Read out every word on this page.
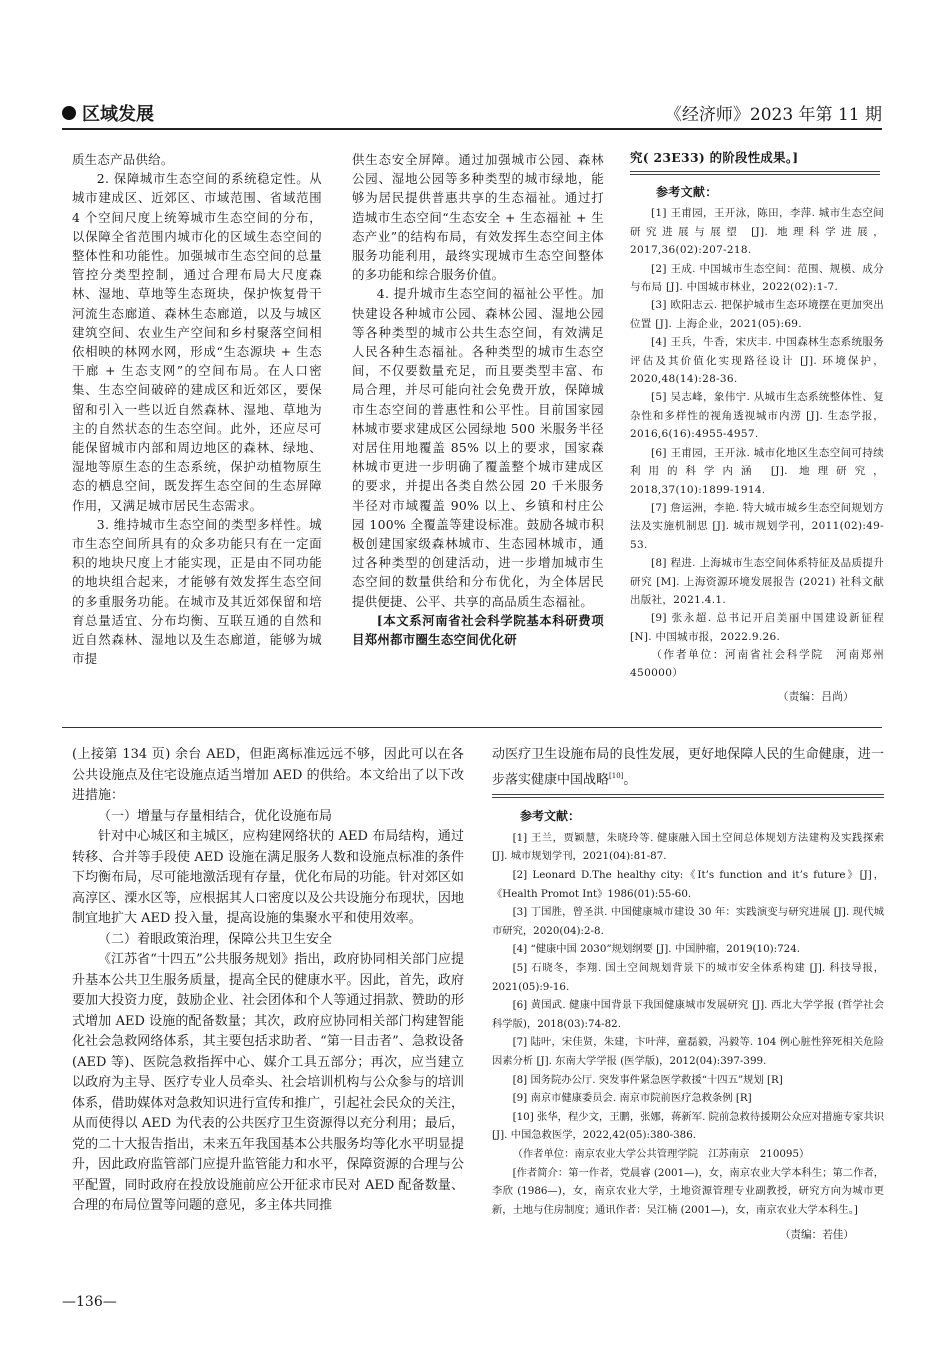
区域发展	《经济师》2023 年第 11 期

质生态产品供给。

2. 保障城市生态空间的系统稳定性。从城市建成区、近郊区、市域范围、省域范围 4 个空间尺度上统筹城市生态空间的分布，以保障全省范围内城市化的区域生态空间的整体性和功能性。加强城市生态空间的总量管控分类型控制，通过合理布局大尺度森林、湿地、草地等生态斑块，保护恢复骨干河流生态廊道、森林生态廊道，以及与城区建筑空间、农业生产空间和乡村聚落空间相依相映的林网水网，形成“生态源块 + 生态干廊 + 生态支网”的空间布局。在人口密集、生态空间破碎的建成区和近郊区，要保留和引入一些以近自然森林、湿地、草地为主的自然状态的生态空间。此外，还应尽可能保留城市内部和周边地区的森林、绿地、湿地等原生态的生态系统，保护动植物原生态的栖息空间，既发挥生态空间的生态屏障作用，又满足城市居民生态需求。

3. 维持城市生态空间的类型多样性。城市生态空间所具有的众多功能只有在一定面积的地块尺度上才能实现，正是由不同功能的地块组合起来，才能够有效发挥生态空间的多重服务功能。在城市及其近郊保留和培育总量适宜、分布均衡、互联互通的自然和近自然森林、湿地以及生态廊道，能够为城市提

供生态安全屏障。通过加强城市公园、森林公园、湿地公园等多种类型的城市绿地，能够为居民提供普惠共享的生态福祉。通过打造城市生态空间“生态安全 + 生态福祉 + 生态产业”的结构布局，有效发挥生态空间主体服务功能利用，最终实现城市生态空间整体的多功能和综合服务价值。

4. 提升城市生态空间的福祉公平性。加快建设各种城市公园、森林公园、湿地公园等各种类型的城市公共生态空间，有效满足人民各种生态福祉。各种类型的城市生态空间，不仅要数量充足，而且要类型丰富、布局合理，并尽可能向社会免费开放，保障城市生态空间的普惠性和公平性。目前国家园林城市要求建成区公园绿地 500 米服务半径对居住用地覆盖 85% 以上的要求，国家森林城市更进一步明确了覆盖整个城市建成区的要求，并提出各类自然公园 20 千米服务半径对市域覆盖 90% 以上、乡镇和村庄公园 100% 全覆盖等建设标准。鼓励各城市积极创建国家级森林城市、生态园林城市，通过各种类型的创建活动，进一步增加城市生态空间的数量供给和分布优化，为全体居民提供便捷、公平、共享的高品质生态福祉。

[本文系河南省社会科学院基本科研费项目郑州都市圈生态空间优化研

究( 23E33) 的阶段性成果。]

参考文献：

[1] 王甫园，王开泳，陈田，李萍. 城市生态空间研究进展与展望 [J]. 地理科学进展，2017,36(02):207-218.

[2] 王成. 中国城市生态空间：范围、规模、成分与布局 [J]. 中国城市林业，2022(02):1-7.

[3] 欧阳志云. 把保护城市生态环境摆在更加突出位置 [J]. 上海企业，2021(05):69.

[4] 王兵，牛香，宋庆丰. 中国森林生态系统服务评估及其价值化实现路径设计 [J]. 环境保护，2020,48(14):28-36.

[5] 吴志峰，象伟宁. 从城市生态系统整体性、复杂性和多样性的视角透视城市内涝 [J]. 生态学报，2016,6(16):4955-4957.

[6] 王甫园，王开泳. 城市化地区生态空间可持续利用的科学内涵 [J]. 地理研究，2018,37(10):1899-1914.

[7] 詹运洲，李艳. 特大城市城乡生态空间规划方法及实施机制思 [J]. 城市规划学刊，2011(02):49-53.

[8] 程进. 上海城市生态空间体系特征及品质提升研究 [M]. 上海资源环境发展报告 (2021) 社科文献出版社，2021.4.1.

[9] 张永超. 总书记开启美丽中国建设新征程 [N]. 中国城市报，2022.9.26.

（作者单位：河南省社会科学院　河南郑州　450000）

（责编：吕尚）

(上接第 134 页) 余台 AED，但距离标准远远不够，因此可以在各公共设施点及住宅设施点适当增加 AED 的供给。本文给出了以下改进措施：

（一）增量与存量相结合，优化设施布局

针对中心城区和主城区，应构建网络状的 AED 布局结构，通过转移、合并等手段使 AED 设施在满足服务人数和设施点标准的条件下均衡布局，尽可能地激活现有存量，优化布局的功能。针对郊区如高淳区、溧水区等，应根据其人口密度以及公共设施分布现状，因地制宜地扩大 AED 投入量，提高设施的集聚水平和使用效率。

（二）着眼政策治理，保障公共卫生安全

《江苏省“十四五”公共服务规划》指出，政府协同相关部门应提升基本公共卫生服务质量，提高全民的健康水平。因此，首先，政府要加大投资力度，鼓励企业、社会团体和个人等通过捐款、赞助的形式增加 AED 设施的配备数量；其次，政府应协同相关部门构建智能化社会急救网络体系，其主要包括求助者、“第一目击者”、急救设备 (AED 等)、医院急救指挥中心、媒介工具五部分；再次，应当建立以政府为主导、医疗专业人员牵头、社会培训机构与公众参与的培训体系，借助媒体对急救知识进行宣传和推广，引起社会民众的关注，从而使得以 AED 为代表的公共医疗卫生资源得以充分利用；最后，党的二十大报告指出，未来五年我国基本公共服务均等化水平明显提升，因此政府监管部门应提升监管能力和水平，保障资源的合理与公平配置，同时政府在投放设施前应公开征求市民对 AED 配备数量、合理的布局位置等问题的意见，多主体共同推

动医疗卫生设施布局的良性发展，更好地保障人民的生命健康，进一步落实健康中国战略[10]。

参考文献：

[1] 王兰，贾颖慧，朱晓玲等. 健康融入国土空间总体规划方法建构及实践探索 [J]. 城市规划学刊，2021(04):81-87.

[2] Leonard D.The healthy city:《It’s function and it’s future》[J]，《Health Promot Int》1986(01):55-60.

[3] 丁国胜，曾圣洪. 中国健康城市建设 30 年：实践演变与研究进展 [J]. 现代城市研究，2020(04):2-8.

[4] “健康中国 2030”规划纲要 [J]. 中国肿瘤，2019(10):724.

[5] 石晓冬，李翔. 国土空间规划背景下的城市安全体系构建 [J]. 科技导报，2021(05):9-16.

[6] 黄国武. 健康中国背景下我国健康城市发展研究 [J]. 西北大学学报 (哲学社会科学版)，2018(03):74-82.

[7] 陆叶，宋佳贤，朱建，卞叶萍，童磊毅，冯毅等. 104 例心脏性猝死相关危险因素分析 [J]. 东南大学学报 (医学版)，2012(04):397-399.

[8] 国务院办公厅. 突发事件紧急医学救援“十四五”规划 [R]

[9] 南京市健康委员会. 南京市院前医疗急救条例 [R]

[10] 张华，程少文，王鹏，张娜，蒋新军. 院前急救待援期公众应对措施专家共识 [J]. 中国急救医学，2022,42(05):380-386.

（作者单位：南京农业大学公共管理学院　江苏南京　210095）

[作者简介：第一作者，党晨睿 (2001—)，女，南京农业大学本科生；第二作者，李欣 (1986—)，女，南京农业大学，土地资源管理专业副教授，研究方向为城市更新，土地与住房制度；通讯作者：吴江楠 (2001—)，女，南京农业大学本科生。]

（责编：若佳）
—136—
